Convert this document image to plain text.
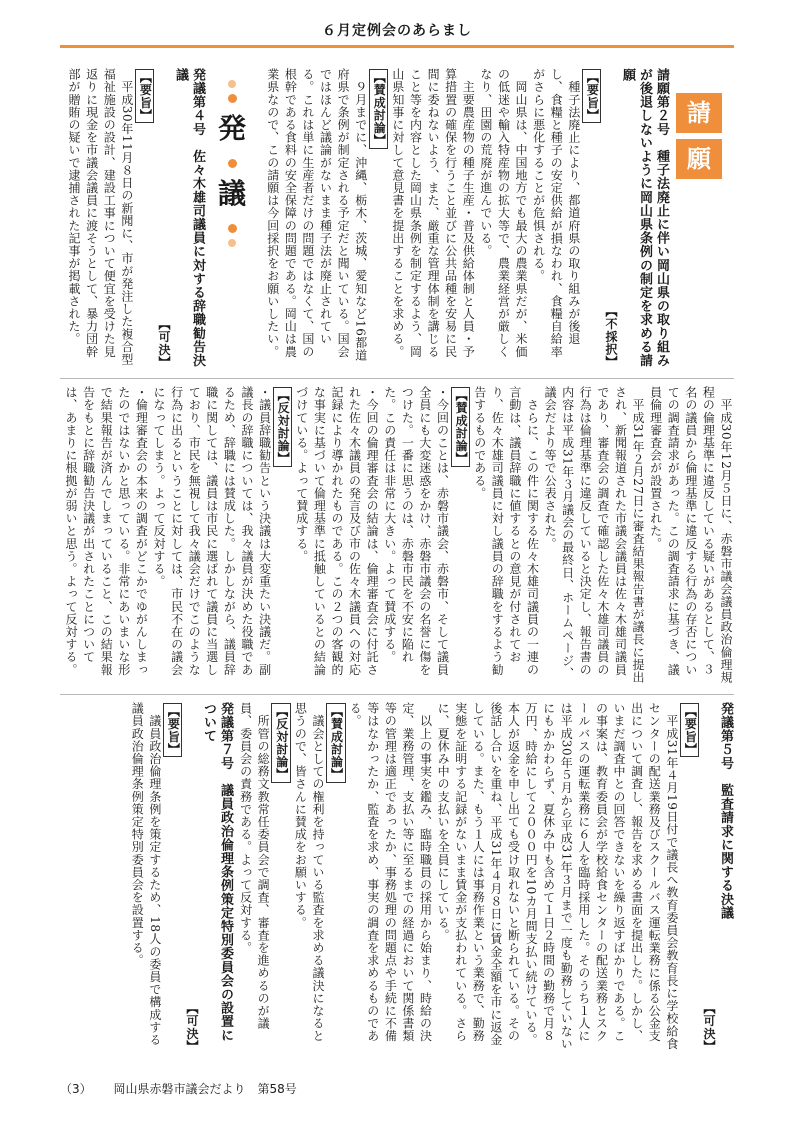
６月定例会のあらまし
請
願

請願第２号　種子法廃止に伴い岡山県の取り組みが後退しないように岡山県条例の制定を求める請願

【不採択】

【要旨】

　種子法廃止により、都道府県の取り組みが後退し、食糧と種子の安定供給が損なわれ、食糧自給率がさらに悪化することが危惧される。

　岡山県は、中国地方でも最大の農業県だが、米価の低迷や輸入特産物の拡大等で、農業経営が厳しくなり、田園の荒廃が進んでいる。

　主要農産物の種子生産・普及供給体制と人員・予算措置の確保を行うこと並びに公共品種を安易に民間に委ねないよう、また、厳重な管理体制を講じること等を内容とした岡山県条例を制定するよう、岡山県知事に対して意見書を提出することを求める。

【賛成討論】

　９月までに、沖縄、栃木、茨城、愛知など16都道府県で条例が制定される予定だと聞いている。国会ではほんど議論がないまま種子法が廃止されている。これは単に生産者だけの問題ではなくて、国の根幹である食料の安全保障の問題である。岡山は農業県なので、この請願は今回採択をお願いしたい。

発
議

発議第４号　佐々木雄司議員に対する辞職勧告決議

【可決】

【要旨】

　平成30年11月８日の新聞に、市が発注した複合型福祉施設の設計、建設工事について便宜を受けた見返りに現金を市議会議員に渡そうとして、暴力団幹部が贈賄の疑いで逮捕された記事が掲載された。

　平成30年12月５日に、赤磐市議会議員政治倫理規程の倫理基準に違反している疑いがあるとして、３名の議員から倫理基準に違反する行為の存否についての調査請求があった。この調査請求に基づき、議員倫理審査会が設置された。

　平成31年２月27日に審査結果報告書が議長に提出され、新聞報道された市議会議員は佐々木雄司議員であり、審査会の調査で確認した佐々木雄司議員の行為は倫理基準に違反していると決定し、報告書の内容は平成31年３月議会の最終日、ホームページ、議会だより等で公表された。

　さらに、この件に関する佐々木雄司議員の一連の言動は、議員辞職に値するとの意見が付されており、佐々木雄司議員に対し議員の辞職をするよう勧告するものである。

【賛成討論】

・今回のことは、赤磐市議会、赤磐市、そして議員全員にも大変迷惑をかけ、赤磐市議会の名誉に傷をつけた。一番に思うのは、赤磐市民を不安に陥れた。この責任は非常に大きい。よって賛成する。

・今回の倫理審査会の結論は、倫理審査会に付託された佐々木議員の発言及び市の佐々木議員への対応記録により導かれたものである。この２つの客観的な事実に基づいて倫理基準に抵触しているとの結論づけている。よって賛成する。

【反対討論】

・議員辞職勧告という決議は大変重たい決議だ。副議長の辞職については、我々議員が決めた役職であるため、辞職には賛成した。しかしながら、議員辞職に関しては、議員は市民に選ばれて議員に当選しており、市民を無視して我々議会だけでこのような行為に出るということに対しては、市民不在の議会になってしまう。よって反対する。

・倫理審査会の本来の調査がどこかでゆがんしまったのではないかと思っている。非常にあいまいな形で結果報告が済んでしまっていること、この結果報告をもとに辞職勧告決議が出されたことについては、あまりに根拠が弱いと思う。よって反対する。

発議第５号　監査請求に関する決議

【可決】

【要旨】

　平成31年４月19日付で議長へ教育委員会教育長に学校給食センターの配送業務及びスクールバス運転業務に係る公金支出について調査し、報告を求める書面を提出した。しかし、いまだ調査中との回答できないを繰り返すばかりである。この事案は、教育委員会が学校給食センターの配送業務とスクールバスの運転業務に６人を臨時採用した。そのうち１人には平成30年５月から平成31年３月まで一度も勤務していないにもかかわらず、夏休み中も含めて１日２時間の勤務で月８万円、時給にして２０００円を10カ月間支払い続けている。本人が返金を申し出ても受け取れないと断られている。その後話し合いを重ね、平成31年４月８日に賃金全額を市に返金している。また、もう１人には事務作業という業務で、勤務実態を証明する記録がないまま賃金が支払われている。さらに、夏休み中の支払いを全員にしている。

　以上の事実を鑑み、臨時職員の採用から始まり、時給の決定、業務管理、支払い等に至るまでの経過において関係書類等の管理は適正であったか、事務処理の問題点や手続に不備等はなかったか、監査を求め、事実の調査を求めるものである。

【賛成討論】

　議会としての権利を持っている監査を求める議決になると思うので、皆さんに賛成をお願いする。

【反対討論】

　所管の総務文教常任委員会で調査、審査を進めるのが議員、委員会の責務である。よって反対する。

発議第７号　議員政治倫理条例策定特別委員会の設置について

【可決】

【要旨】

　議員政治倫理条例を策定するため、18人の委員で構成する議員政治倫理条例策定特別委員会を設置する。

（3） 岡山県赤磐市議会だより　第58号
